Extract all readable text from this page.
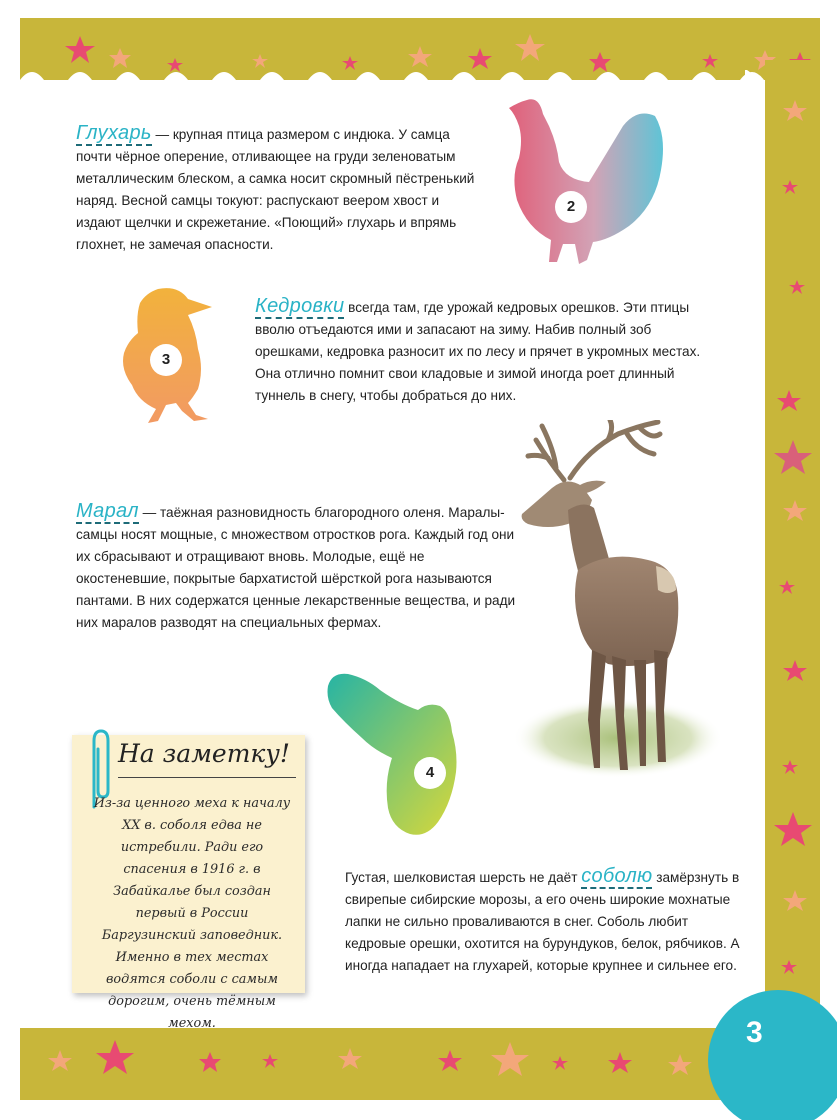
Глухарь — крупная птица размером с индюка. У самца почти чёрное оперение, отливающее на груди зеленоватым металлическим блеском, а самка носит скромный пёстренький наряд. Весной самцы токуют: распускают веером хвост и издают щелчки и скрежетание. «Поющий» глухарь и впрямь глохнет, не замечая опасности.

Кедровки всегда там, где урожай кедровых орешков. Эти птицы вволю отъедаются ими и запасают на зиму. Набив полный зоб орешками, кедровка разносит их по лесу и прячет в укромных местах. Она отлично помнит свои кладовые и зимой иногда роет длинный туннель в снегу, чтобы добраться до них.

Марал — таёжная разновидность благородного оленя. Маралы-самцы носят мощные, с множеством отростков рога. Каждый год они их сбрасывают и отращивают вновь. Молодые, ещё не окостеневшие, покрытые бархатистой шёрсткой рога называются пантами. В них содержатся ценные лекарственные вещества, и ради них маралов разводят на специальных фермах.

Густая, шелковистая шерсть не даёт соболю замёрзнуть в свирепые сибирские морозы, а его очень широкие мохнатые лапки не сильно проваливаются в снег. Соболь любит кедровые орешки, охотится на бурундуков, белок, рябчиков. А иногда нападает на глухарей, которые крупнее и сильнее его.

2
3
4
На заметку!

Из-за ценного меха к началу XX в. соболя едва не истребили. Ради его спасения в 1916 г. в Забайкалье был создан первый в России Баргузинский заповедник. Именно в тех местах водятся соболи с самым дорогим, очень тёмным мехом.	3
